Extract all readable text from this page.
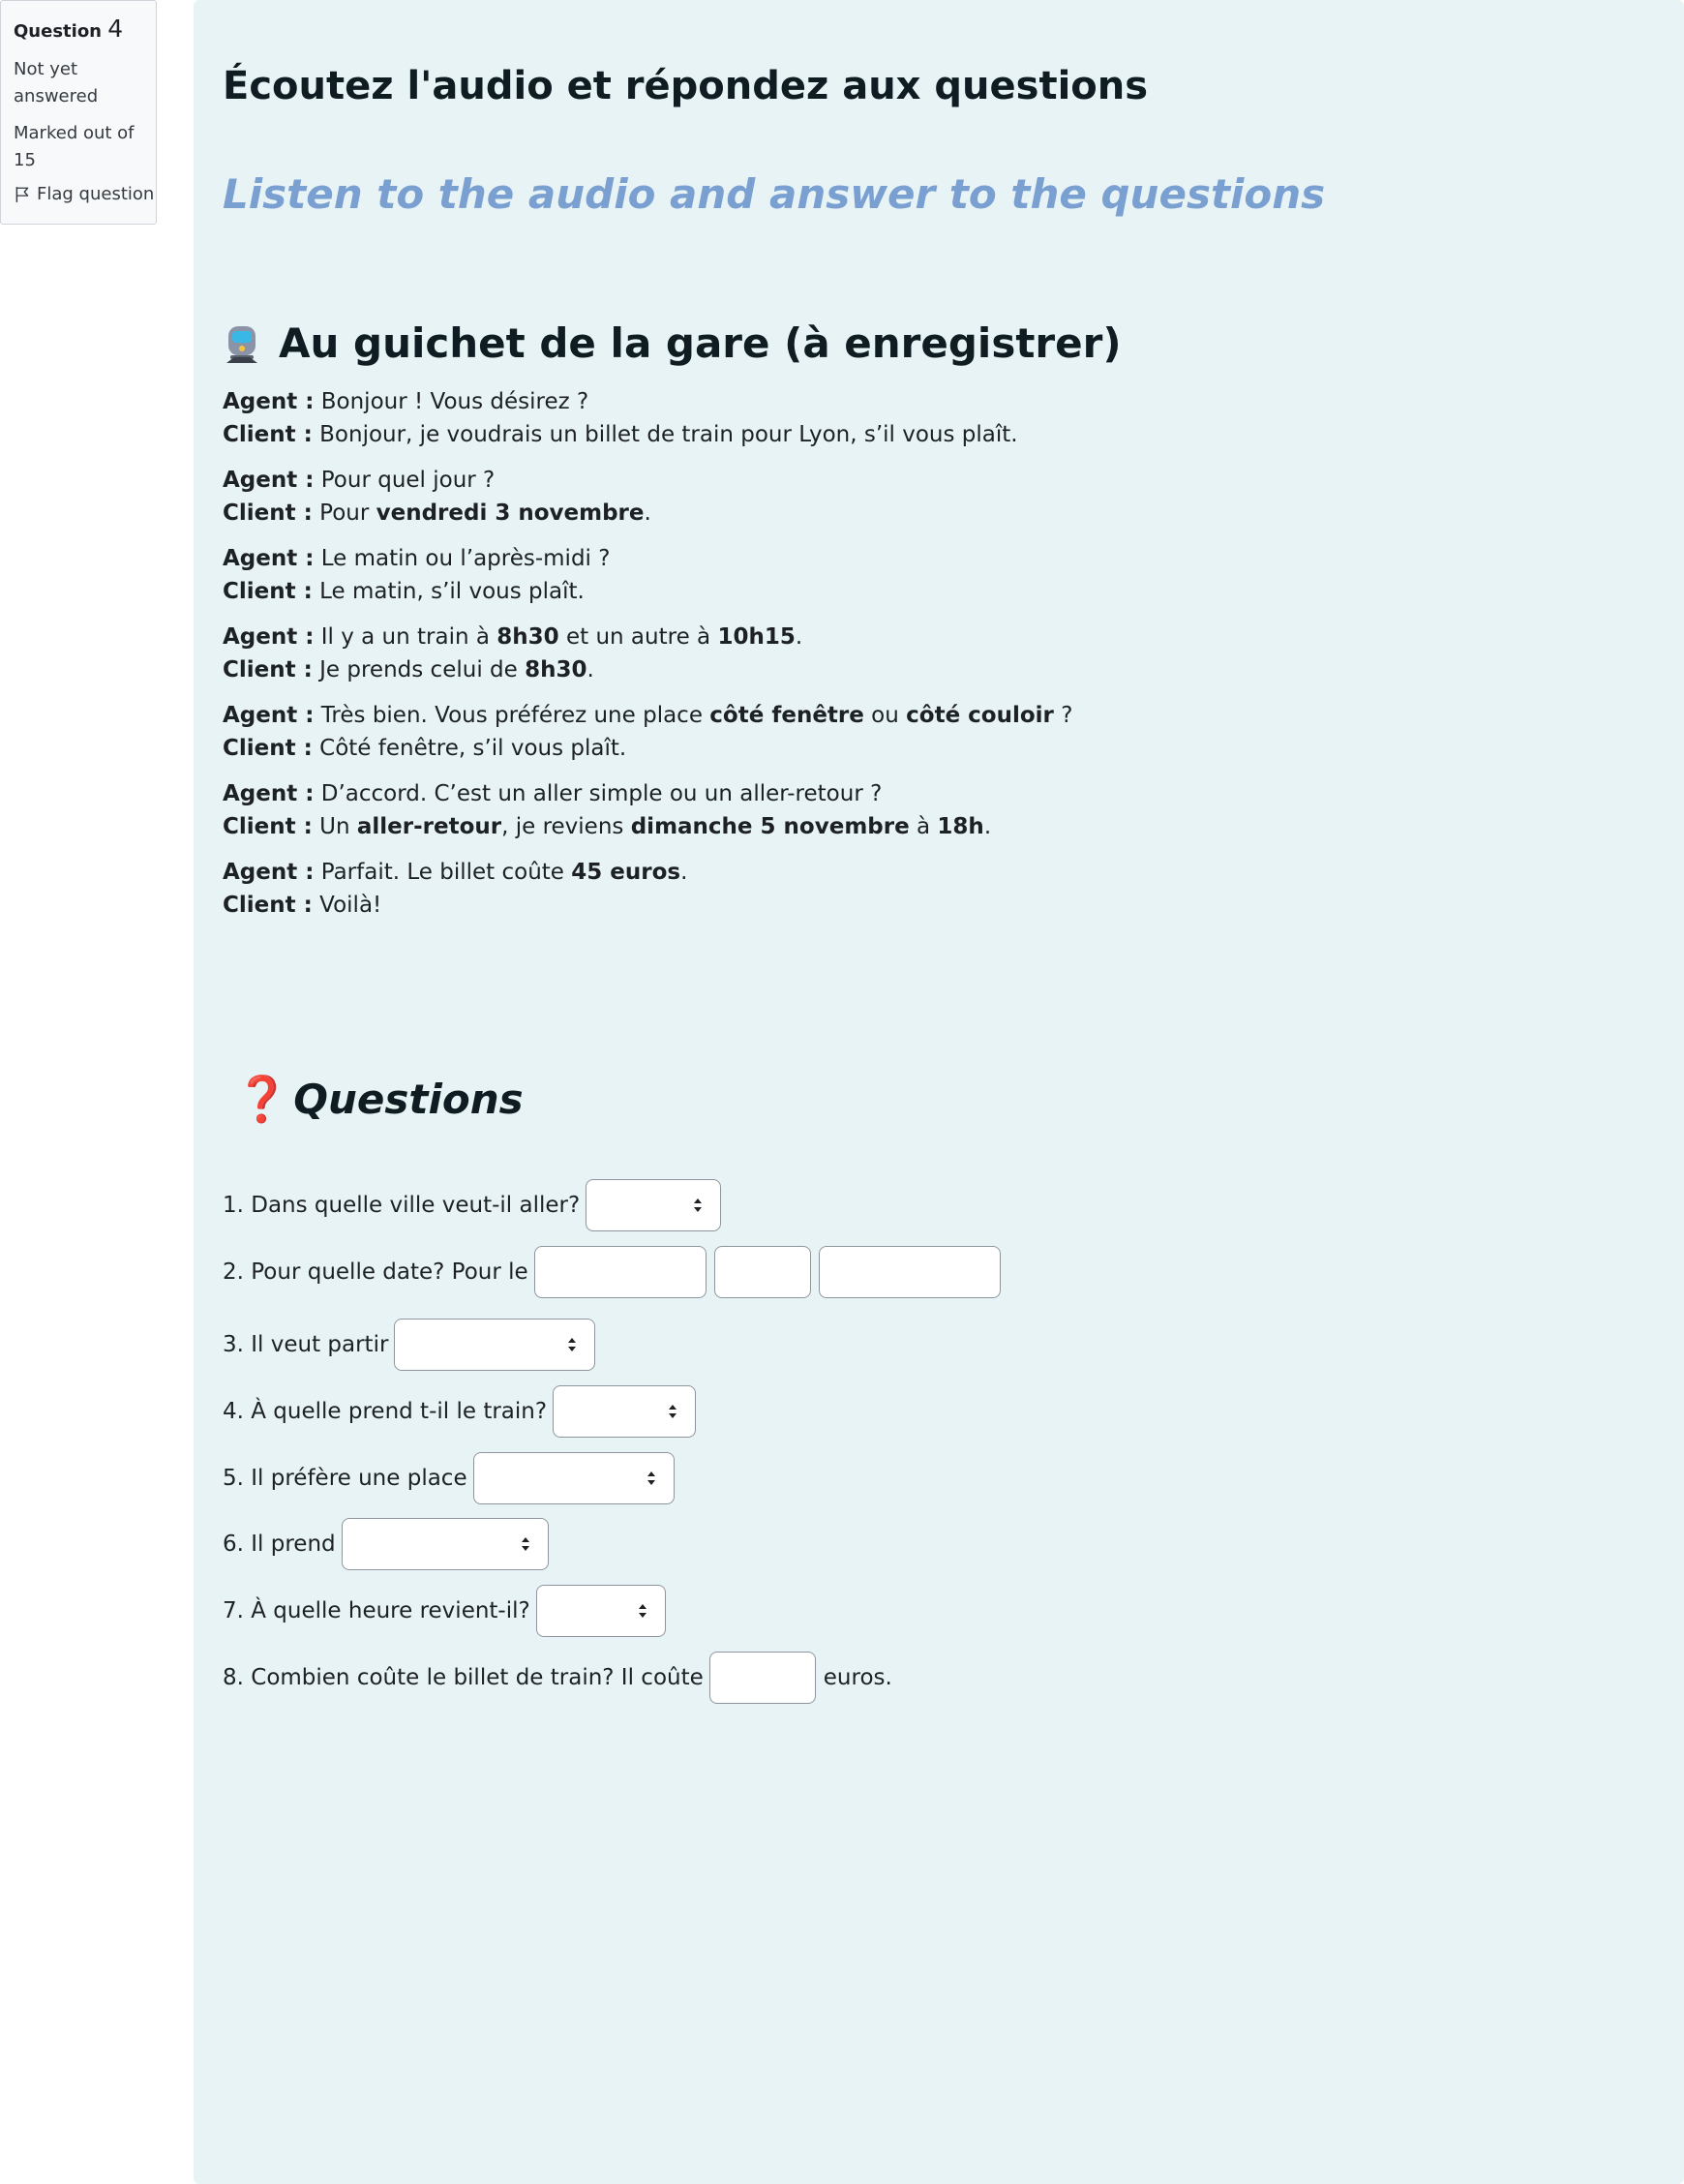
Question 4
Not yet answered
Marked out of 15
Flag question
Écoutez l'audio et répondez aux questions
Listen to the audio and answer to the questions
Au guichet de la gare (à enregistrer)
Agent : Bonjour ! Vous désirez ?
Client : Bonjour, je voudrais un billet de train pour Lyon, s’il vous plaît.
Agent : Pour quel jour ?
Client : Pour vendredi 3 novembre.
Agent : Le matin ou l’après-midi ?
Client : Le matin, s’il vous plaît.
Agent : Il y a un train à 8h30 et un autre à 10h15.
Client : Je prends celui de 8h30.
Agent : Très bien. Vous préférez une place côté fenêtre ou côté couloir ?
Client : Côté fenêtre, s’il vous plaît.
Agent : D’accord. C’est un aller simple ou un aller-retour ?
Client : Un aller-retour, je reviens dimanche 5 novembre à 18h.
Agent : Parfait. Le billet coûte 45 euros.
Client : Voilà!
❓ Questions
1. Dans quelle ville veut-il aller?
2. Pour quelle date? Pour le
3. Il veut partir
4. À quelle prend t-il le train?
5. Il préfère une place
6. Il prend
7. À quelle heure revient-il?
8. Combien coûte le billet de train? Il coûte	euros.
